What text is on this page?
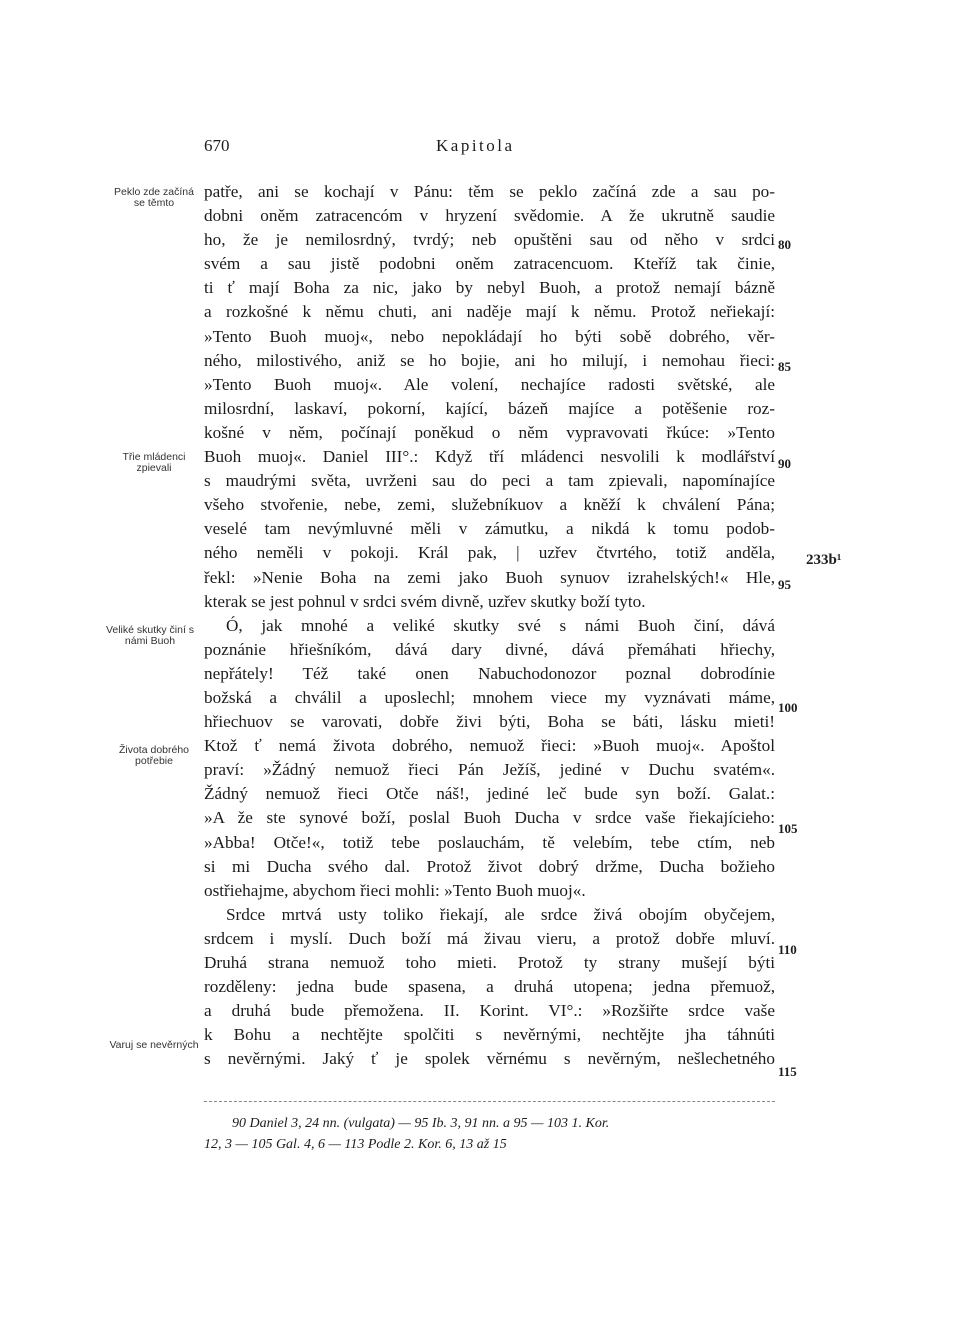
670	Kapitola
Peklo zde začíná se těmto
Třie mládenci zpievali
Veliké skutky činí s námi Buoh
Života dobrého potřebie
Varuj se nevěrných
80
85
90
95
100
105
110
115
233b¹
patře, ani se kochají v Pánu: těm se peklo začíná zde a sau po-
dobni oněm zatracencóm v hryzení svědomie. A že ukrutně saudie
ho, že je nemilosrdný, tvrdý; neb opuštěni sau od něho v srdci
svém a sau jistě podobni oněm zatracencuom. Kteříž tak činie,
ti ť mají Boha za nic, jako by nebyl Buoh, a protož nemají bázně
a rozkošné k němu chuti, ani naděje mají k němu. Protož neřiekají:
»Tento Buoh muoj«, nebo nepokládají ho býti sobě dobrého, věr-
ného, milostivého, aniž se ho bojie, ani ho milují, i nemohau řieci:
»Tento Buoh muoj«. Ale volení, nechajíce radosti světské, ale
milosrdní, laskaví, pokorní, kající, bázeň majíce a potěšenie roz-
košné v něm, počínají poněkud o něm vypravovati řkúce: »Tento
Buoh muoj«. Daniel III°.: Když tří mládenci nesvolili k modlářství
s maudrými světa, uvrženi sau do peci a tam zpievali, napomínajíce
všeho stvořenie, nebe, zemi, služebníkuov a kněží k chválení Pána;
veselé tam nevýmluvné měli v zámutku, a nikdá k tomu podob-
ného neměli v pokoji. Král pak, | uzřev čtvrtého, totiž anděla,
řekl: »Nenie Boha na zemi jako Buoh synuov izrahelských!« Hle,
kterak se jest pohnul v srdci svém divně, uzřev skutky boží tyto.
Ó, jak mnohé a veliké skutky své s námi Buoh činí, dává
poznánie hřiešníkóm, dává dary divné, dává přemáhati hřiechy,
nepřátely! Též také onen Nabuchodonozor poznal dobrodínie
božská a chválil a uposlechl; mnohem viece my vyznávati máme,
hřiechuov se varovati, dobře živi býti, Boha se báti, lásku mieti!
Ktož ť nemá života dobrého, nemuož řieci: »Buoh muoj«. Apoštol
praví: »Žádný nemuož řieci Pán Ježíš, jediné v Duchu svatém«.
Žádný nemuož řieci Otče náš!, jediné leč bude syn boží. Galat.:
»A že ste synové boží, poslal Buoh Ducha v srdce vaše řiekajícieho:
»Abba! Otče!«, totiž tebe poslauchám, tě velebím, tebe ctím, neb
si mi Ducha svého dal. Protož život dobrý držme, Ducha božieho
ostřiehajme, abychom řieci mohli: »Tento Buoh muoj«.
Srdce mrtvá usty toliko řiekají, ale srdce živá obojím obyčejem,
srdcem i myslí. Duch boží má živau vieru, a protož dobře mluví.
Druhá strana nemuož toho mieti. Protož ty strany mušejí býti
rozděleny: jedna bude spasena, a druhá utopena; jedna přemuož,
a druhá bude přemožena. II. Korint. VI°.: »Rozšiřte srdce vaše
k Bohu a nechtějte spolčiti s nevěrnými, nechtějte jha táhnúti
s nevěrnými. Jaký ť je spolek věrnému s nevěrným, nešlechetného
90 Daniel 3, 24 nn. (vulgata) — 95 Ib. 3, 91 nn. a 95 — 103 1. Kor.
12, 3 — 105 Gal. 4, 6 — 113 Podle 2. Kor. 6, 13 až 15
